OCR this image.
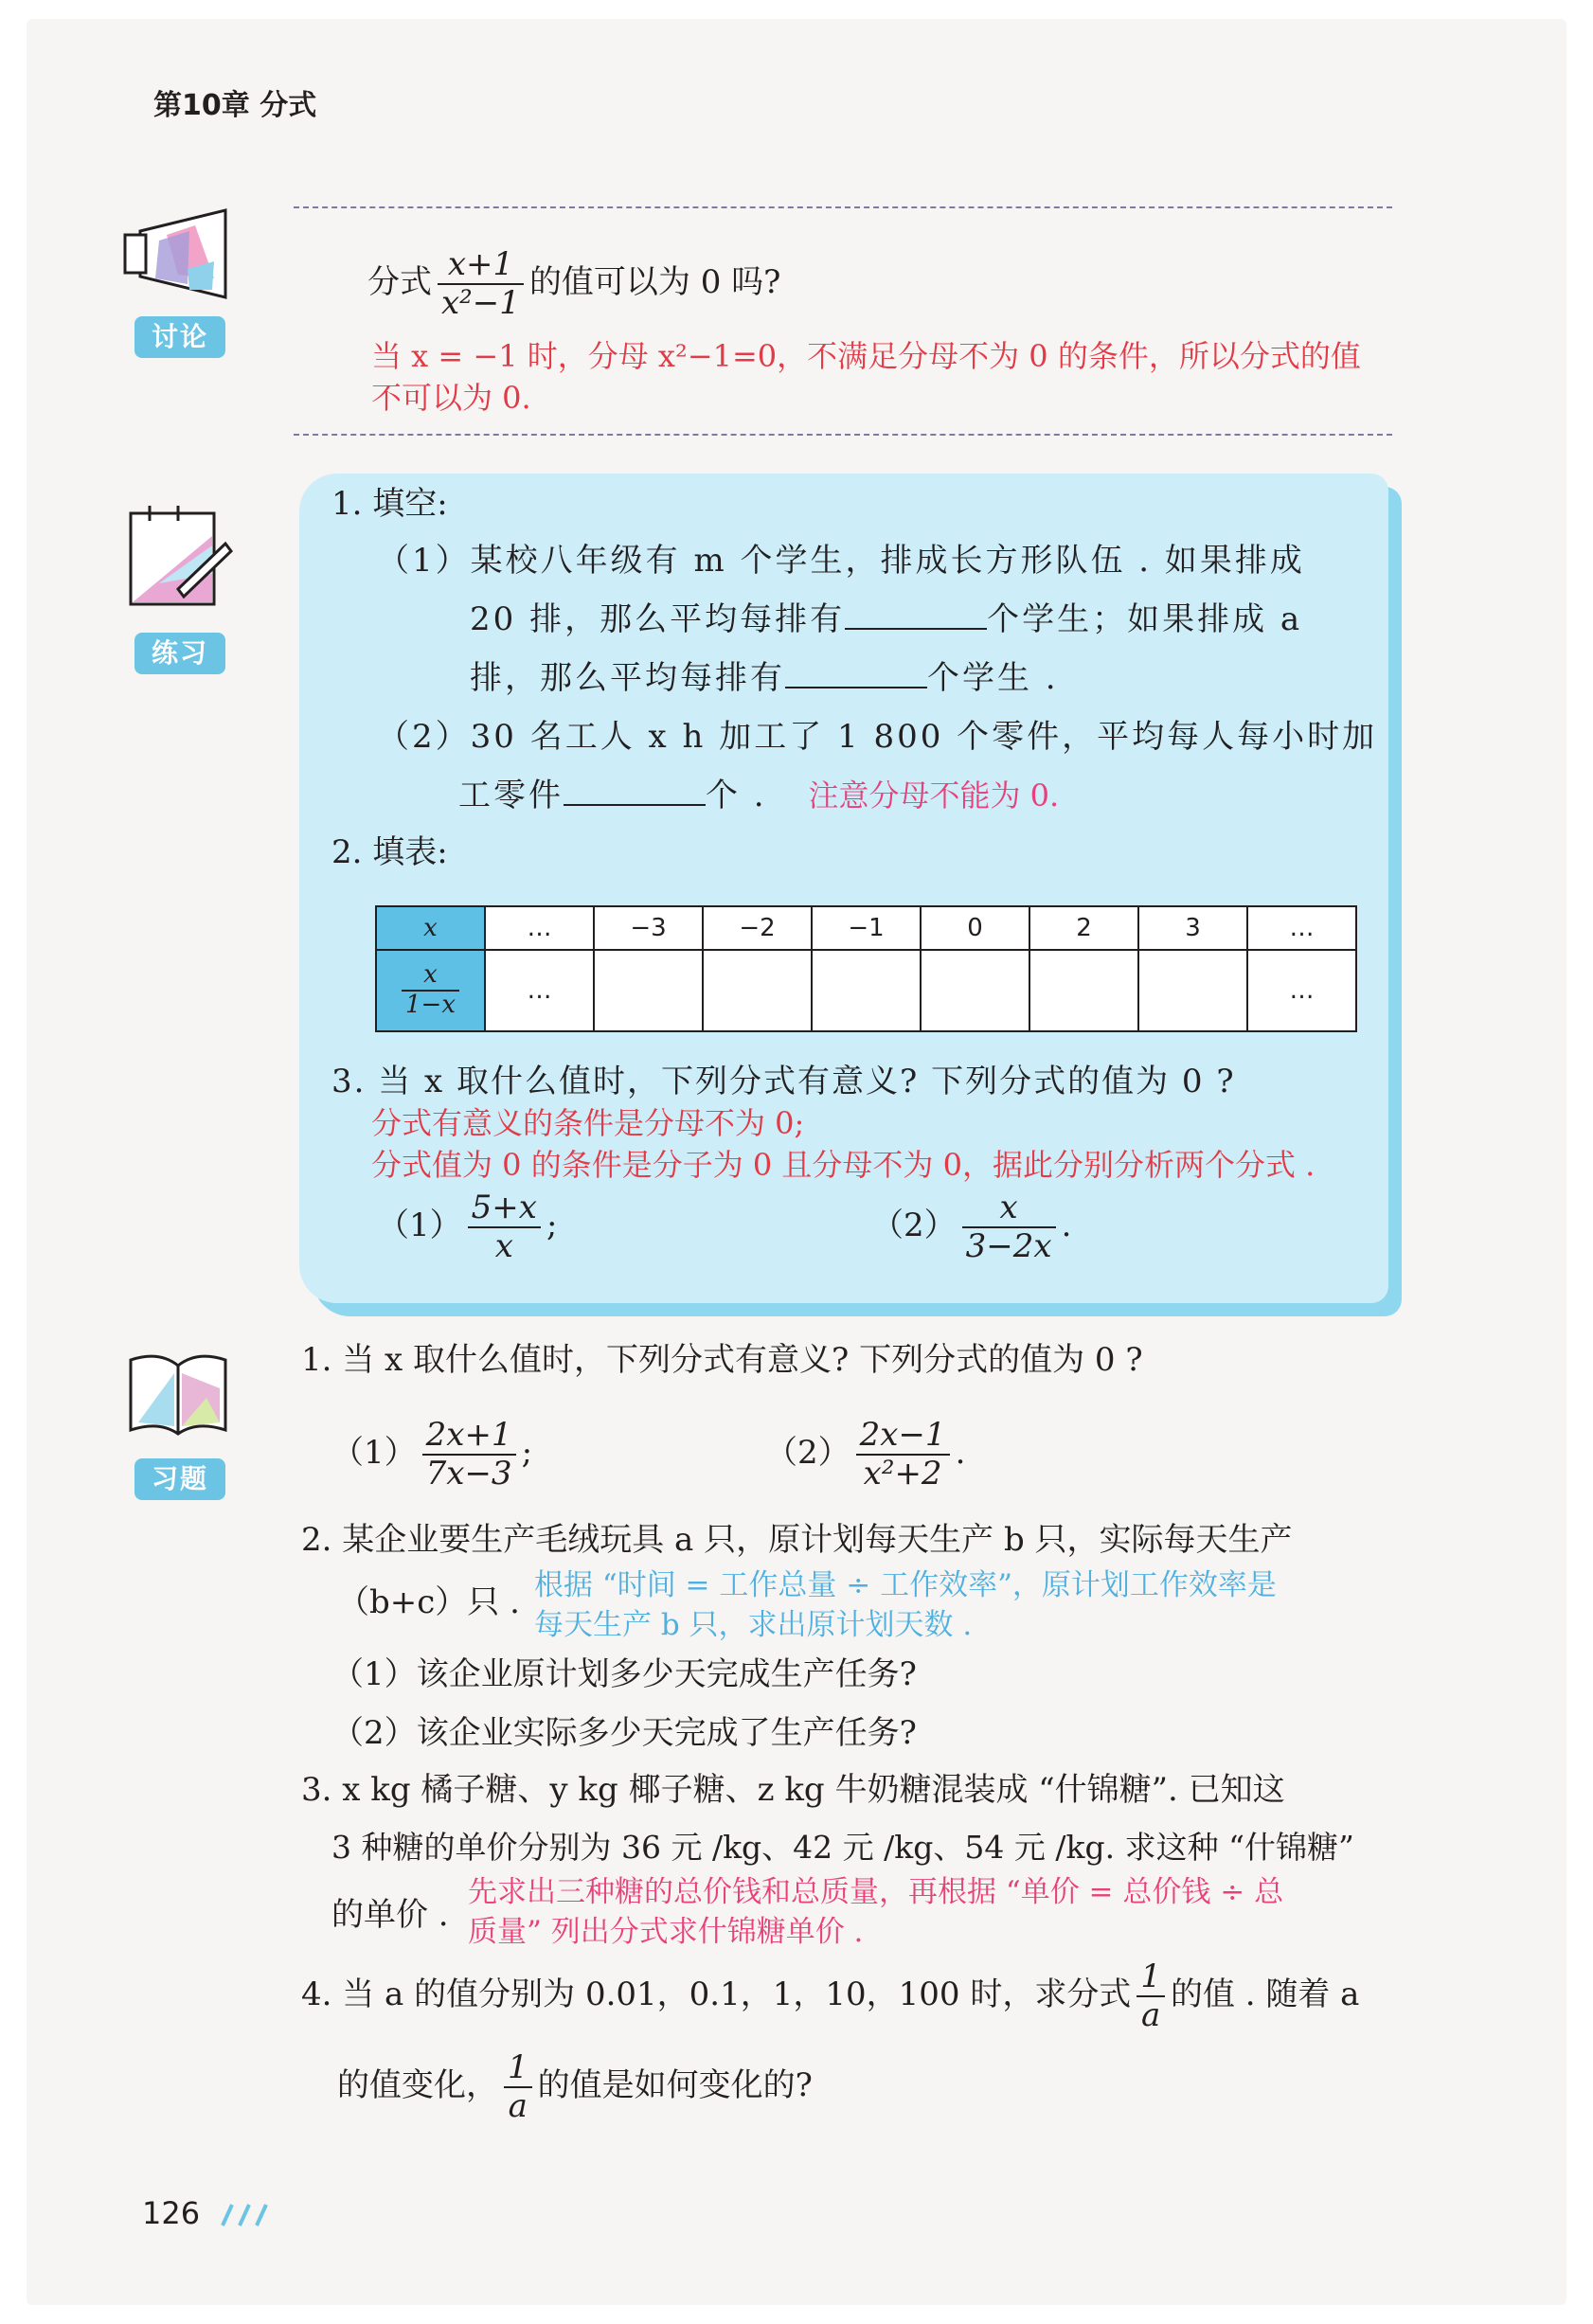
第10章 分式
讨论
分式 $\frac{x+1}{\text{x²−1}}$ 的值可以为 0 吗?
当 x = −1 时，分母 x²−1=0，不满足分母不为 0 的条件，所以分式的值
不可以为 0.
练习
1. 填空:
（1）某校八年级有 m 个学生，排成长方形队伍 . 如果排成
20 排，那么平均每排有	个学生；如果排成 a
排，那么平均每排有	个学生 .
（2）30 名工人 x h 加工了 1 800 个零件，平均每人每小时加
工零件	个 . 注意分母不能为 0.
2. 填表:
x	…	−3	−2	−1	0	2	3	…

$\frac{x}{1-x}$	…							…
3. 当 x 取什么值时，下列分式有意义? 下列分式的值为 0 ?
分式有意义的条件是分母不为 0;
分式值为 0 的条件是分子为 0 且分母不为 0，据此分别分析两个分式 .
$(1) \frac{5+x}{x}$ ;	$(2) \frac{x}{3-2x}$ .
习题
1. 当 x 取什么值时，下列分式有意义? 下列分式的值为 0 ?
$(1) \frac{2x+1}{7x-3}$ ;	$(2) \frac{2x-1}{\text{x²+2}}$ .
2. 某企业要生产毛绒玩具 a 只，原计划每天生产 b 只，实际每天生产
（b+c）只 . 根据 “时间 = 工作总量 ÷ 工作效率”，原计划工作效率是
每天生产 b 只，求出原计划天数 .
（1）该企业原计划多少天完成生产任务?
（2）该企业实际多少天完成了生产任务?
3. x kg 橘子糖、y kg 椰子糖、z kg 牛奶糖混装成 “什锦糖”. 已知这
3 种糖的单价分别为 36 元 /kg、42 元 /kg、54 元 /kg. 求这种 “什锦糖”
的单价 .
先求出三种糖的总价钱和总质量，再根据 “单价 = 总价钱 ÷ 总
质量” 列出分式求什锦糖单价 .
4. 当 a 的值分别为 0.01，0.1，1，10，100 时，求分式 $\frac{1}{a}$ 的值 . 随着 a
的值变化， $\frac{1}{a}$ 的值是如何变化的?
126
